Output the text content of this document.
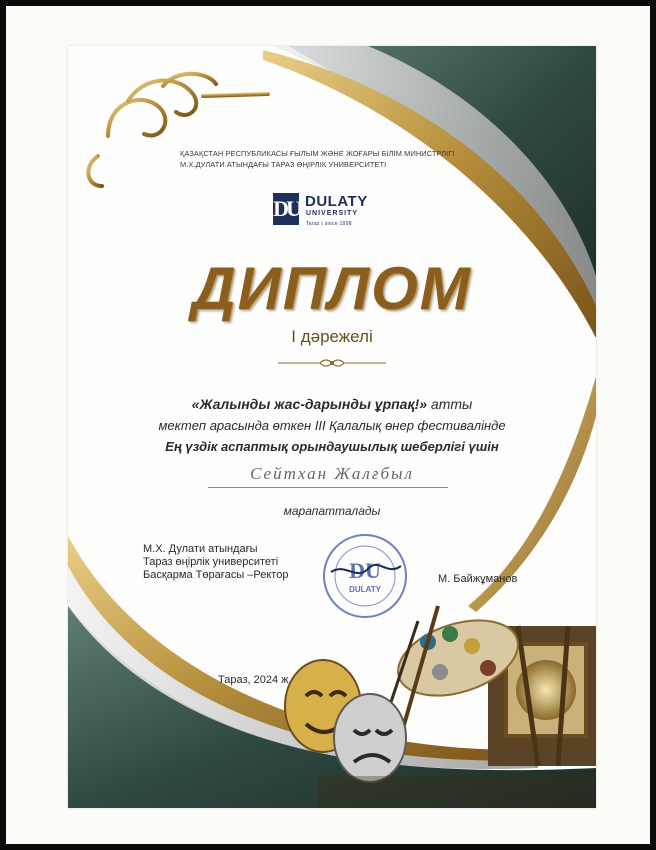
ҚАЗАҚСТАН РЕСПУБЛИКАСЫ ҒЫЛЫМ ЖӘНЕ ЖОҒАРЫ БІЛІМ МИНИСТРЛІГІ
М.Х.ДУЛАТИ АТЫНДАҒЫ ТАРАЗ ӨҢІРЛІК УНИВЕРСИТЕТІ
DU DULATY
UNIVERSITY
Taraz | since 1998
ДИПЛОМ
І дәрежелі
«Жалынды жас-дарынды ұрпақ!» атты
мектеп арасында өткен ІІІ Қалалық өнер фестивалінде
Ең үздік аспаптық орындаушылық шеберлігі үшін
Сейтхан Жалғбыл
марапатталады
М.Х. Дулати атындағы
Тараз өңірлік университеті
Басқарма Төрағасы –Ректор	DU
DULATY
М. Байжұманов
Тараз, 2024 ж.
